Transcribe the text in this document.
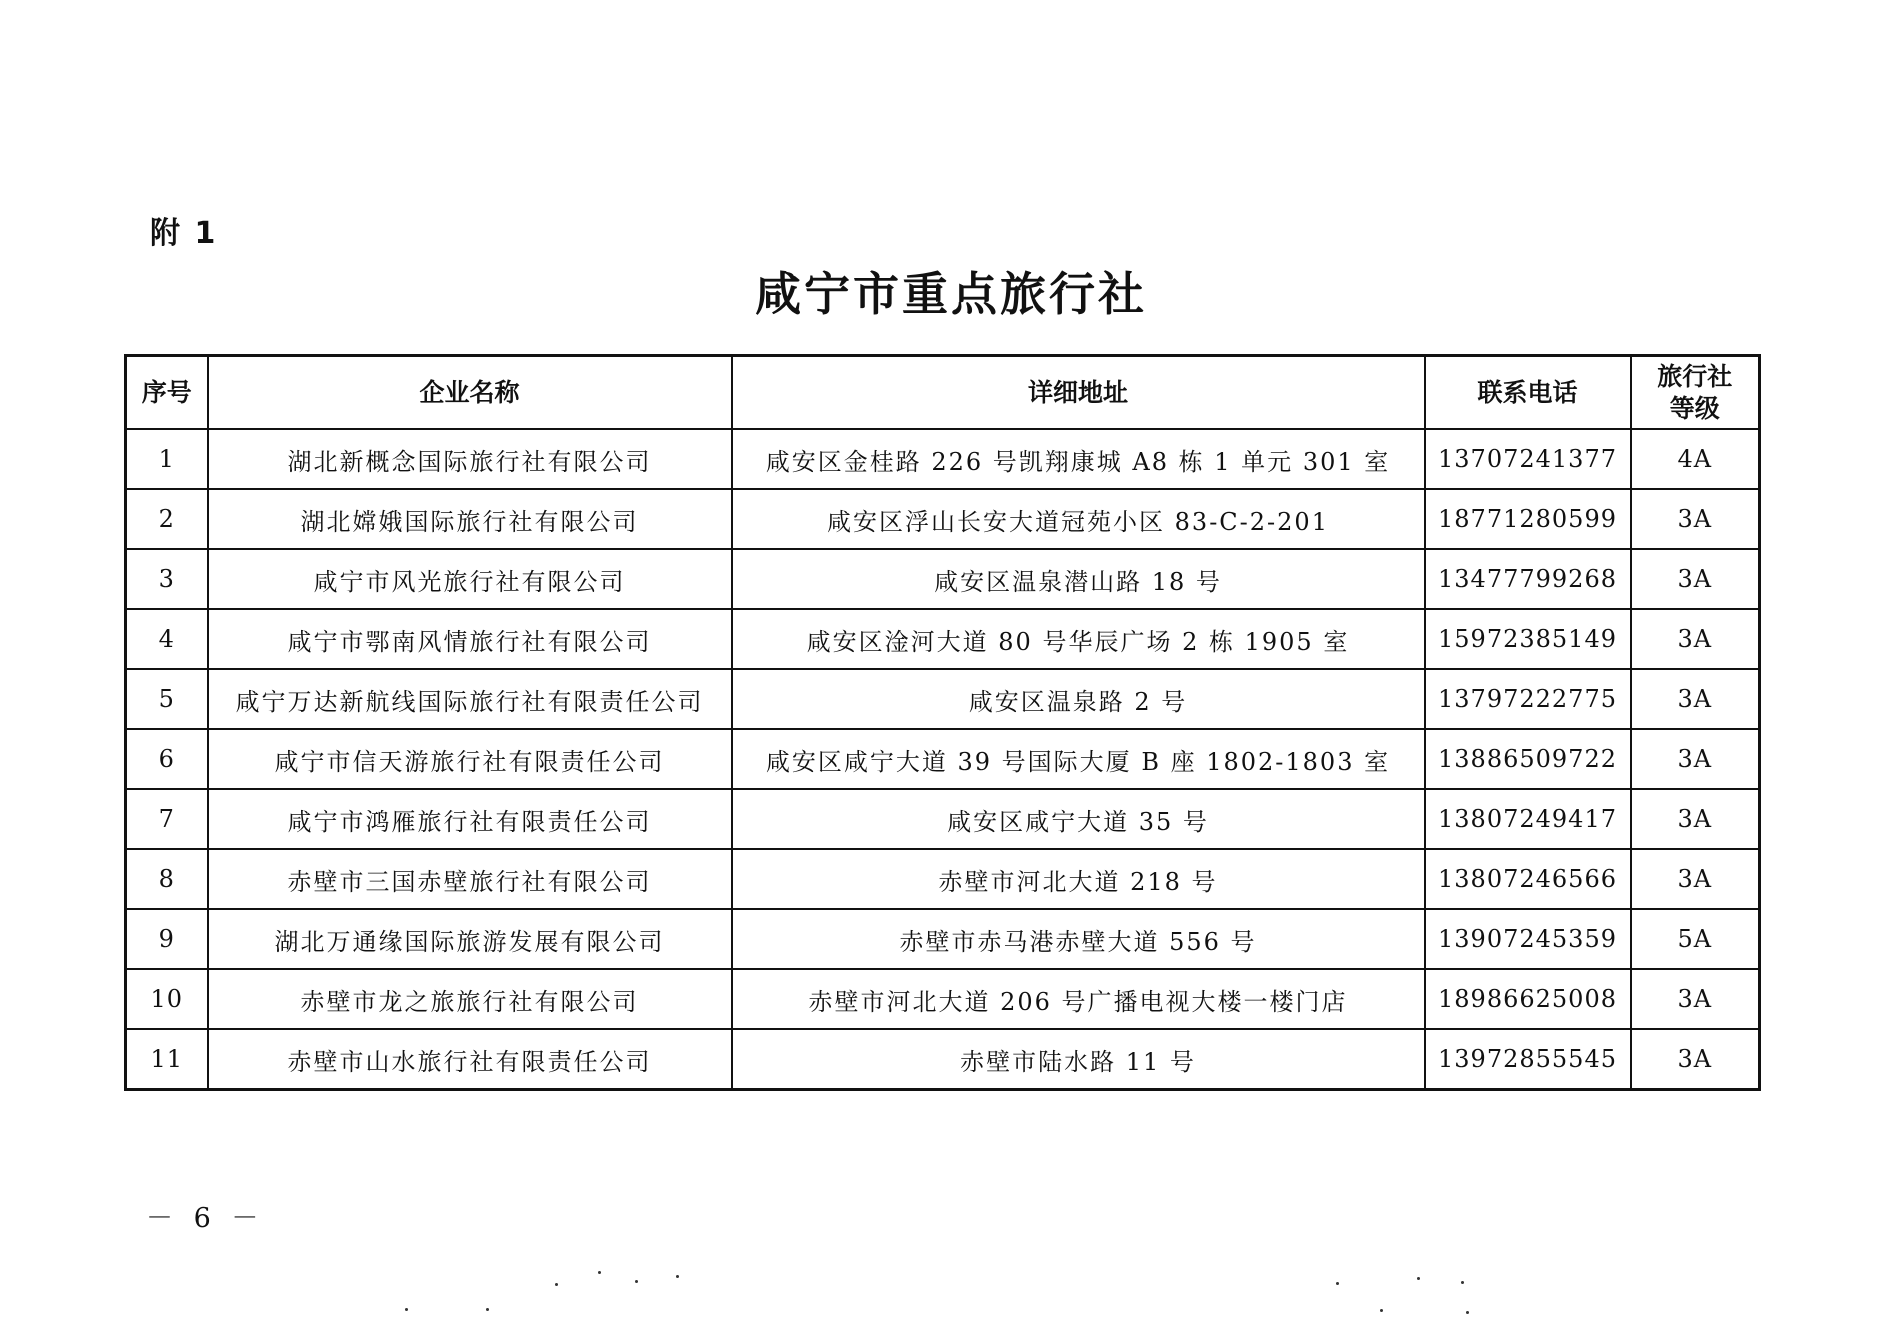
附 1
咸宁市重点旅行社
序号	企业名称	详细地址	联系电话	旅行社
等级

1	湖北新概念国际旅行社有限公司	咸安区金桂路 226 号凯翔康城 A8 栋 1 单元 301 室	13707241377	4A
2	湖北嫦娥国际旅行社有限公司	咸安区浮山长安大道冠苑小区 83-C-2-201	18771280599	3A
3	咸宁市风光旅行社有限公司	咸安区温泉潜山路 18 号	13477799268	3A
4	咸宁市鄂南风情旅行社有限公司	咸安区淦河大道 80 号华辰广场 2 栋 1905 室	15972385149	3A
5	咸宁万达新航线国际旅行社有限责任公司	咸安区温泉路 2 号	13797222775	3A
6	咸宁市信天游旅行社有限责任公司	咸安区咸宁大道 39 号国际大厦 B 座 1802-1803 室	13886509722	3A
7	咸宁市鸿雁旅行社有限责任公司	咸安区咸宁大道 35 号	13807249417	3A
8	赤壁市三国赤壁旅行社有限公司	赤壁市河北大道 218 号	13807246566	3A
9	湖北万通缘国际旅游发展有限公司	赤壁市赤马港赤壁大道 556 号	13907245359	5A
10	赤壁市龙之旅旅行社有限公司	赤壁市河北大道 206 号广播电视大楼一楼门店	18986625008	3A
11	赤壁市山水旅行社有限责任公司	赤壁市陆水路 11 号	13972855545	3A
－ 6 －
